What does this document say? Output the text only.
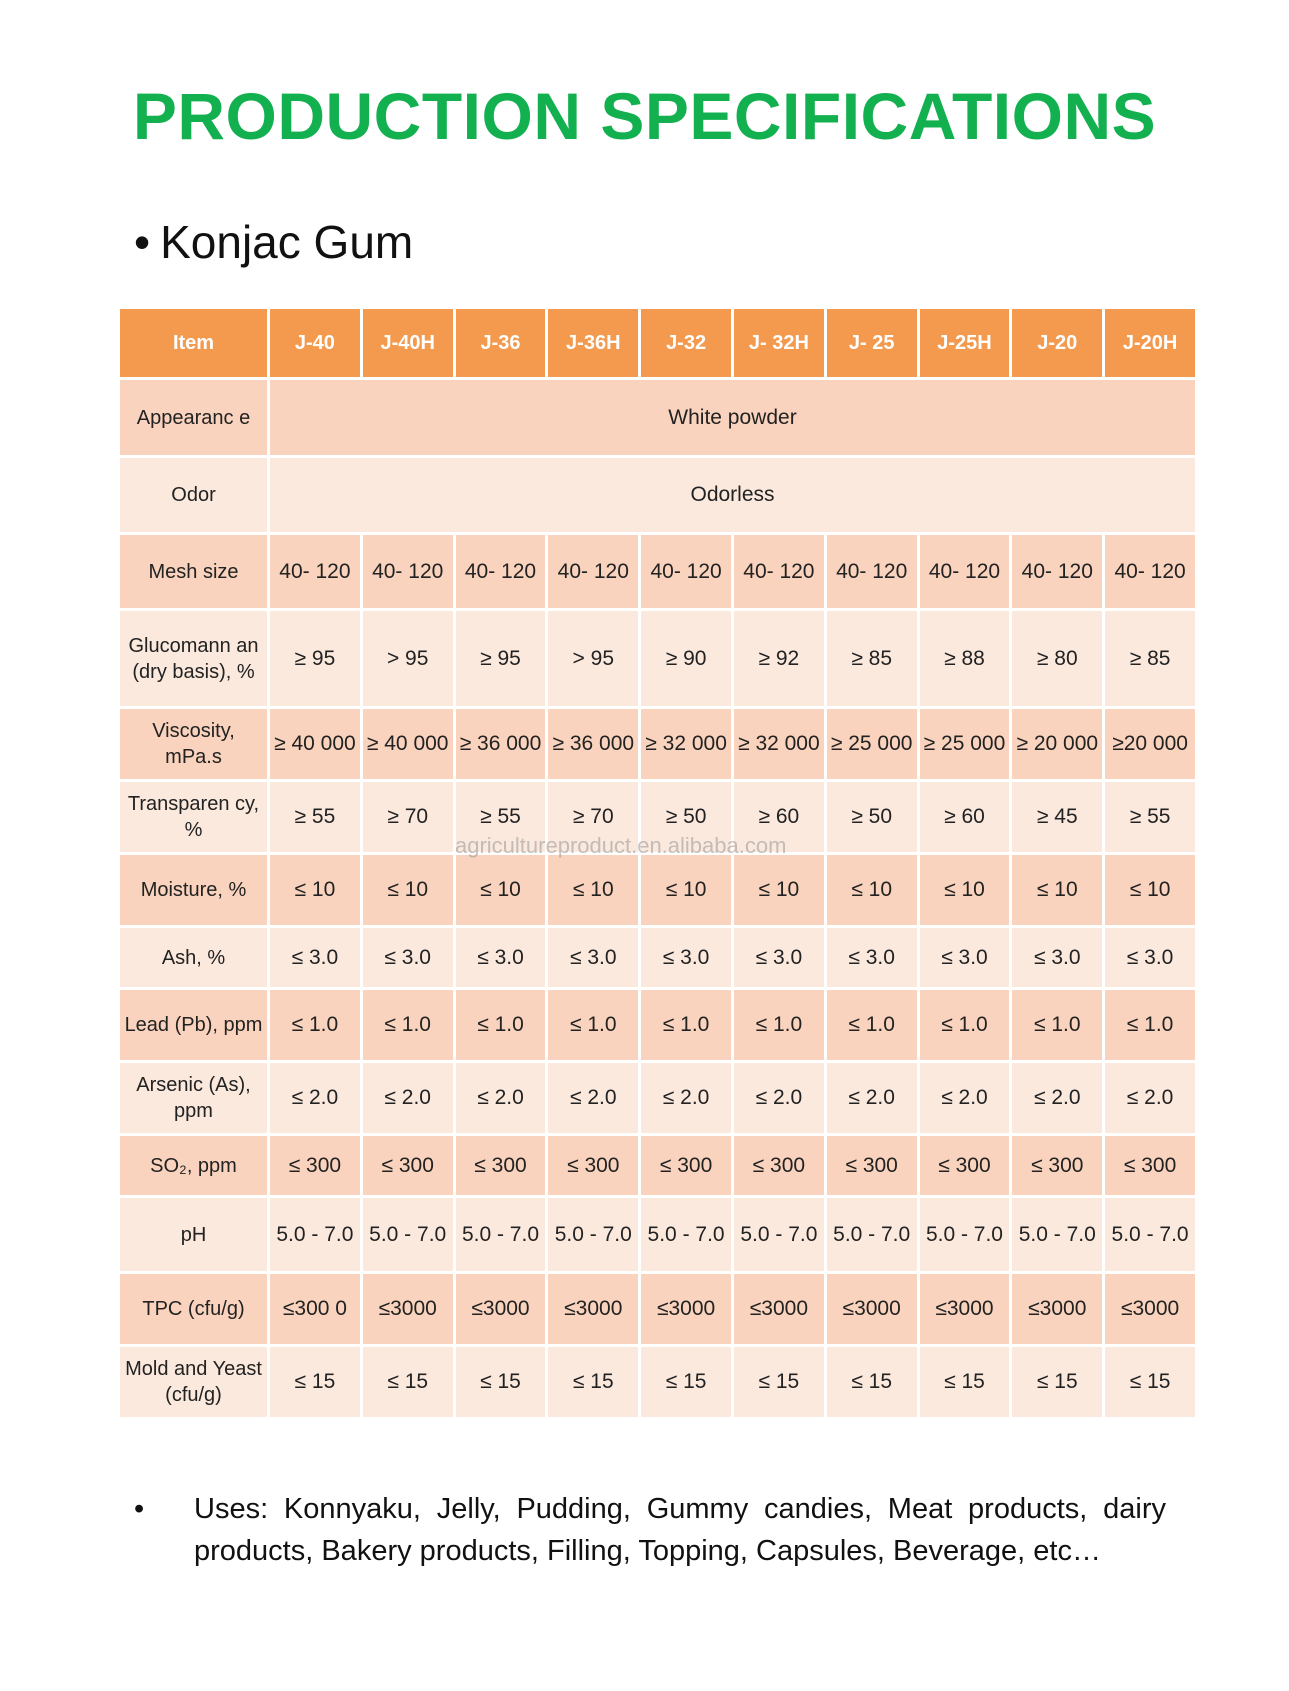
PRODUCTION SPECIFICATIONS
• Konjac Gum
Item	J-40	J-40H	J-36	J-36H	J-32	J- 32H	J- 25	J-25H	J-20	J-20H
Appearanc e	White powder									
Odor	Odorless									
Mesh size	40- 120	40- 120	40- 120	40- 120	40- 120	40- 120	40- 120	40- 120	40- 120	40- 120
Glucomann an (dry basis), %	≥ 95	> 95	≥ 95	> 95	≥ 90	≥ 92	≥ 85	≥ 88	≥ 80	≥ 85
Viscosity, mPa.s	≥ 40 000	≥ 40 000	≥ 36 000	≥ 36 000	≥ 32 000	≥ 32 000	≥ 25 000	≥ 25 000	≥ 20 000	≥20 000
Transparen cy, %	≥ 55	≥ 70	≥ 55	≥ 70	≥ 50	≥ 60	≥ 50	≥ 60	≥ 45	≥ 55
Moisture, %	≤ 10	≤ 10	≤ 10	≤ 10	≤ 10	≤ 10	≤ 10	≤ 10	≤ 10	≤ 10
Ash, %	≤ 3.0	≤ 3.0	≤ 3.0	≤ 3.0	≤ 3.0	≤ 3.0	≤ 3.0	≤ 3.0	≤ 3.0	≤ 3.0
Lead (Pb), ppm	≤ 1.0	≤ 1.0	≤ 1.0	≤ 1.0	≤ 1.0	≤ 1.0	≤ 1.0	≤ 1.0	≤ 1.0	≤ 1.0
Arsenic (As), ppm	≤ 2.0	≤ 2.0	≤ 2.0	≤ 2.0	≤ 2.0	≤ 2.0	≤ 2.0	≤ 2.0	≤ 2.0	≤ 2.0
SO₂, ppm	≤ 300	≤ 300	≤ 300	≤ 300	≤ 300	≤ 300	≤ 300	≤ 300	≤ 300	≤ 300
pH	5.0 - 7.0	5.0 - 7.0	5.0 - 7.0	5.0 - 7.0	5.0 - 7.0	5.0 - 7.0	5.0 - 7.0	5.0 - 7.0	5.0 - 7.0	5.0 - 7.0
TPC (cfu/g)	≤300 0	≤3000	≤3000	≤3000	≤3000	≤3000	≤3000	≤3000	≤3000	≤3000
Mold and Yeast (cfu/g)	≤ 15	≤ 15	≤ 15	≤ 15	≤ 15	≤ 15	≤ 15	≤ 15	≤ 15	≤ 15
agricultureproduct.en.alibaba.com
• Uses: Konnyaku, Jelly, Pudding, Gummy candies, Meat products, dairy products, Bakery products, Filling, Topping, Capsules, Beverage, etc…
